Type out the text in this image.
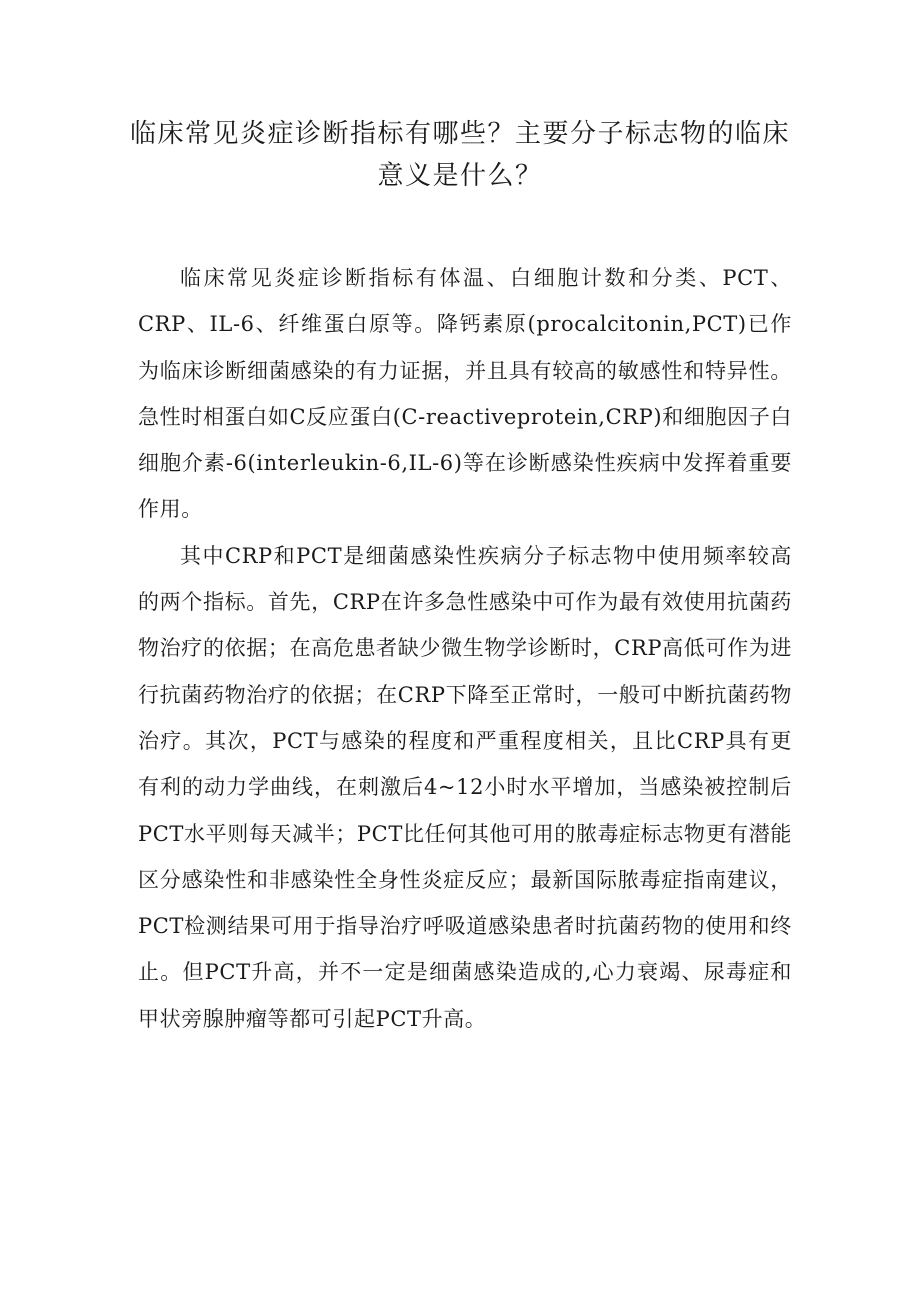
临床常见炎症诊断指标有哪些？主要分子标志物的临床意义是什么？

临床常见炎症诊断指标有体温、白细胞计数和分类、PCT、CRP、IL-6、纤维蛋白原等。降钙素原(procalcitonin,PCT)已作为临床诊断细菌感染的有力证据，并且具有较高的敏感性和特异性。急性时相蛋白如C反应蛋白(C-reactiveprotein,CRP)和细胞因子白细胞介素-6(interleukin-6,IL-6)等在诊断感染性疾病中发挥着重要作用。

其中CRP和PCT是细菌感染性疾病分子标志物中使用频率较高的两个指标。首先，CRP在许多急性感染中可作为最有效使用抗菌药物治疗的依据；在高危患者缺少微生物学诊断时，CRP高低可作为进行抗菌药物治疗的依据；在CRP下降至正常时，一般可中断抗菌药物治疗。其次，PCT与感染的程度和严重程度相关，且比CRP具有更有利的动力学曲线，在刺激后4~12小时水平增加，当感染被控制后PCT水平则每天减半；PCT比任何其他可用的脓毒症标志物更有潜能区分感染性和非感染性全身性炎症反应；最新国际脓毒症指南建议，PCT检测结果可用于指导治疗呼吸道感染患者时抗菌药物的使用和终止。但PCT升高，并不一定是细菌感染造成的,心力衰竭、尿毒症和甲状旁腺肿瘤等都可引起PCT升高。
